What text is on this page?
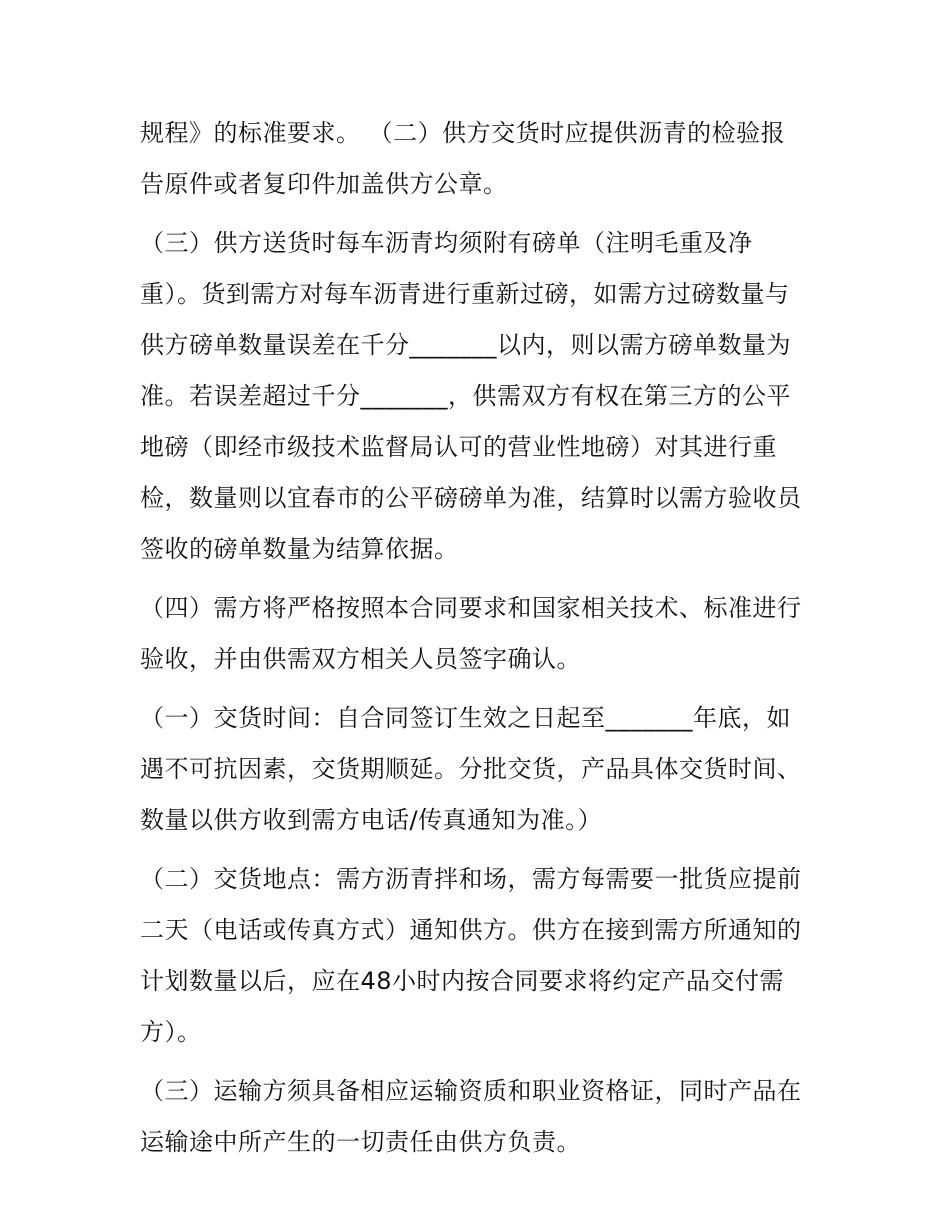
规程》的标准要求。 （二）供方交货时应提供沥青的检验报
告原件或者复印件加盖供方公章。
（三）供方送货时每车沥青均须附有磅单（注明毛重及净
重）。货到需方对每车沥青进行重新过磅，如需方过磅数量与
供方磅单数量误差在千分_______以内，则以需方磅单数量为
准。若误差超过千分_______，供需双方有权在第三方的公平
地磅（即经市级技术监督局认可的营业性地磅）对其进行重
检，数量则以宜春市的公平磅磅单为准，结算时以需方验收员
签收的磅单数量为结算依据。
（四）需方将严格按照本合同要求和国家相关技术、标准进行
验收，并由供需双方相关人员签字确认。
（一）交货时间：自合同签订生效之日起至_______年底，如
遇不可抗因素，交货期顺延。分批交货，产品具体交货时间、
数量以供方收到需方电话/传真通知为准。）
（二）交货地点：需方沥青拌和场，需方每需要一批货应提前
二天（电话或传真方式）通知供方。供方在接到需方所通知的
计划数量以后，应在48小时内按合同要求将约定产品交付需
方）。
（三）运输方须具备相应运输资质和职业资格证，同时产品在
运输途中所产生的一切责任由供方负责。
